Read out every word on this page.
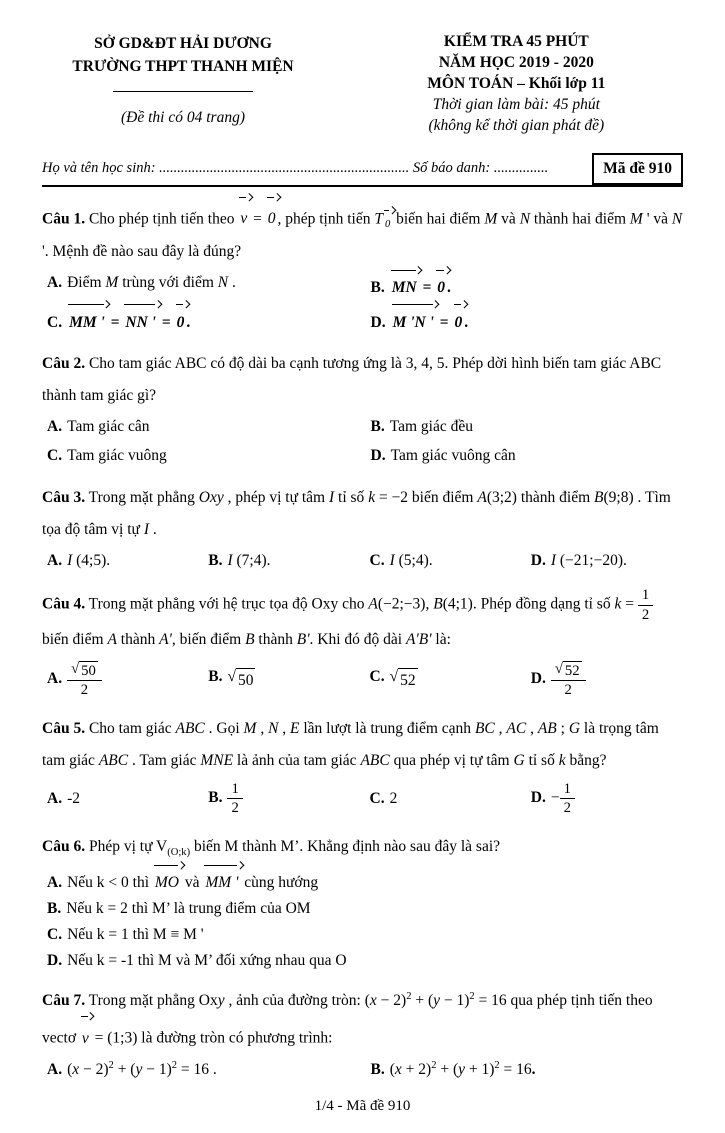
SỞ GD&ĐT HẢI DƯƠNG
TRƯỜNG THPT THANH MIỆN
(Đề thi có 04 trang)
KIỂM TRA 45 PHÚT
NĂM HỌC 2019 - 2020
MÔN TOÁN – Khối lớp 11
Thời gian làm bài: 45 phút
(không kể thời gian phát đề)
Họ và tên học sinh: ..................................................................... Số báo danh: ...............	Mã đề 910

Câu 1. Cho phép tịnh tiến theo v = 0 , phép tịnh tiến T $_0$ biến hai điểm M và N thành hai điểm M ' và N '. Mệnh đề nào sau đây là đúng?

A. Điểm M trùng với điểm N .	B. MN = 0 .
C. MM ' = NN ' = 0 .	D. M 'N ' = 0 .

Câu 2. Cho tam giác ABC có độ dài ba cạnh tương ứng là 3, 4, 5. Phép dời hình biến tam giác ABC thành tam giác gì?

A. Tam giác cân	B. Tam giác đều
C. Tam giác vuông	D. Tam giác vuông cân

Câu 3. Trong mặt phẳng Oxy , phép vị tự tâm I tỉ số k = −2 biến điểm A(3;2) thành điểm B(9;8) . Tìm tọa độ tâm vị tự I .

A. I (4;5).	B. I (7;4).	C. I (5;4).	D. I (−21;−20).

Câu 4. Trong mặt phẳng với hệ trục tọa độ Oxy cho A(−2;−3), B(4;1). Phép đồng dạng tỉ số $k = \frac{1}{2}$
biến điểm A thành A', biến điểm B thành B'. Khi đó độ dài A'B' là:

A. √ $\frac{50}{2}$	B. √ 50	C. √ 52	D. √ $\frac{52}{2}$

Câu 5. Cho tam giác ABC . Gọi M , N , E lần lượt là trung điểm cạnh BC , AC , AB ; G là trọng tâm tam giác ABC . Tam giác MNE là ảnh của tam giác ABC qua phép vị tự tâm G tỉ số k bằng?

A. -2	B. $\frac{1}{2}$	C. 2	D. − $\frac{1}{2}$

Câu 6. Phép vị tự $V_{(O;k)}$ biến M thành M’. Khẳng định nào sau đây là sai?

A. Nếu k < 0 thì MO và MM ' cùng hướng
B. Nếu k = 2 thì M’ là trung điểm của OM
C. Nếu k = 1 thì M ≡ M '
D. Nếu k = -1 thì M và M’ đối xứng nhau qua O

Câu 7. Trong mặt phẳng Oxy , ảnh của đường tròn: $(x - 2)^2 + (y - 1)^2 = 16$ qua phép tịnh tiến theo vectơ v = (1;3) là đường tròn có phương trình:

A. $(x - 2)^2 + (y - 1)^2 = 16$ .	B. $(x + 2)^2 + (y + 1)^2 = 16$.
1/4 - Mã đề 910
